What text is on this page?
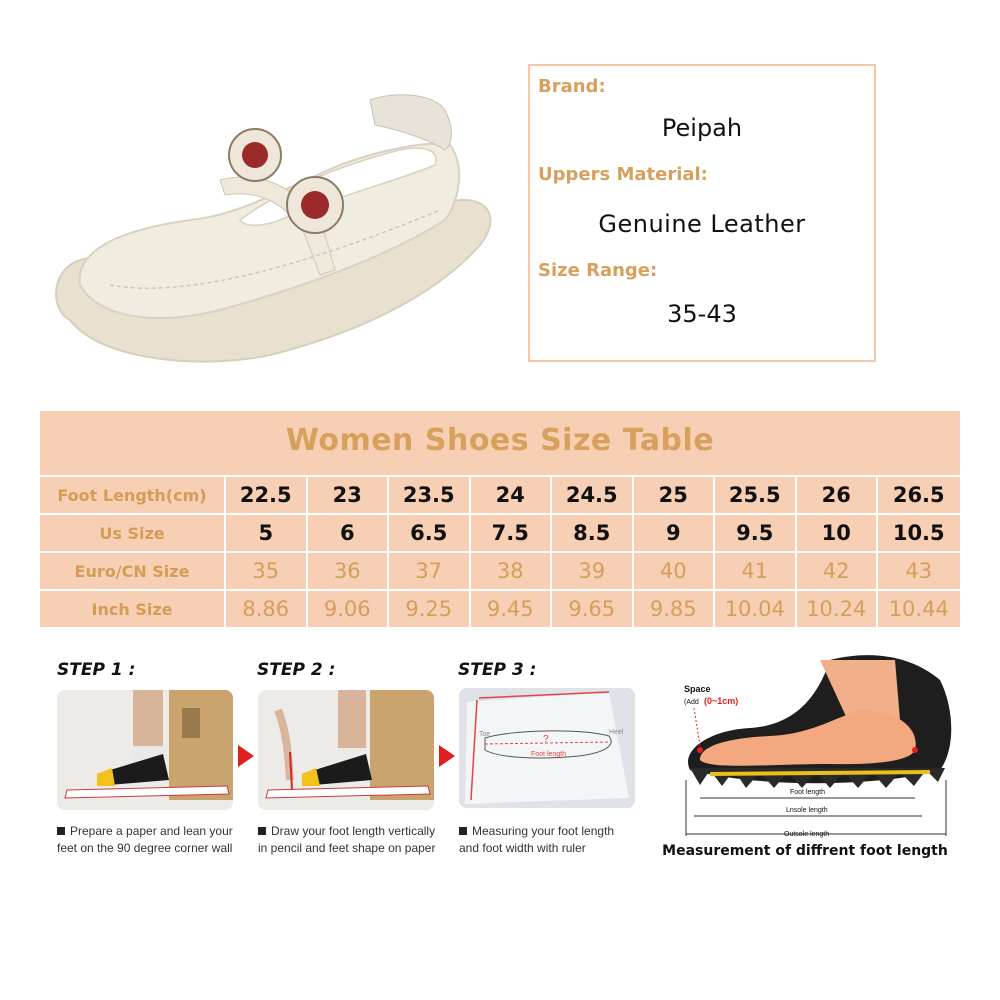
Brand:
Peipah
Uppers Material:
Genuine Leather
Size Range:
35-43
Women Shoes Size Table
Foot Length(cm)	22.5	23	23.5	24	24.5	25	25.5	26	26.5
Us Size	5	6	6.5	7.5	8.5	9	9.5	10	10.5
Euro/CN Size	35	36	37	38	39	40	41	42	43
Inch Size	8.86	9.06	9.25	9.45	9.65	9.85	10.04	10.24	10.44
STEP 1 :	STEP 2 :	STEP 3 :
?
Foot length
Toe	Heel
Prepare a paper and lean your
feet on the 90 degree corner wall
Draw your foot length vertically
in pencil and feet shape on paper
Measuring your foot length
and foot width with ruler
Space
(Add (0~1cm)
Foot length
Lnsole length
Outsole length
Measurement of diffrent foot length
